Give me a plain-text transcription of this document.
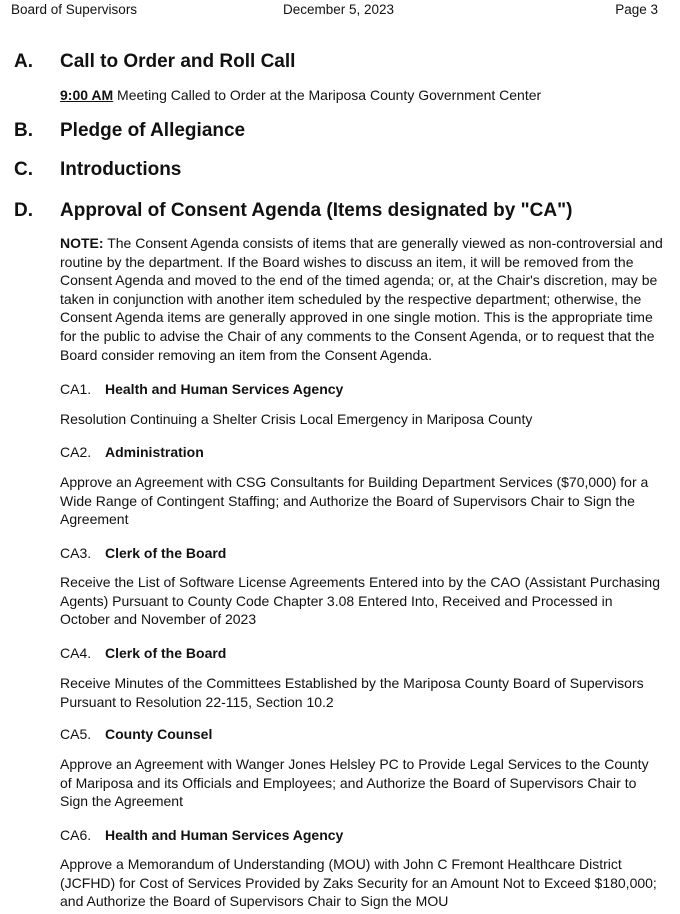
Board of Supervisors	December 5, 2023	Page 3
A. Call to Order and Roll Call
9:00 AM Meeting Called to Order at the Mariposa County Government Center
B. Pledge of Allegiance
C. Introductions
D. Approval of Consent Agenda (Items designated by "CA")
NOTE: The Consent Agenda consists of items that are generally viewed as non-controversial and routine by the department. If the Board wishes to discuss an item, it will be removed from the Consent Agenda and moved to the end of the timed agenda; or, at the Chair's discretion, may be taken in conjunction with another item scheduled by the respective department; otherwise, the Consent Agenda items are generally approved in one single motion. This is the appropriate time for the public to advise the Chair of any comments to the Consent Agenda, or to request that the Board consider removing an item from the Consent Agenda.
CA1. Health and Human Services Agency
Resolution Continuing a Shelter Crisis Local Emergency in Mariposa County
CA2. Administration
Approve an Agreement with CSG Consultants for Building Department Services ($70,000) for a Wide Range of Contingent Staffing; and Authorize the Board of Supervisors Chair to Sign the Agreement
CA3. Clerk of the Board
Receive the List of Software License Agreements Entered into by the CAO (Assistant Purchasing Agents) Pursuant to County Code Chapter 3.08 Entered Into, Received and Processed in October and November of 2023
CA4. Clerk of the Board
Receive Minutes of the Committees Established by the Mariposa County Board of Supervisors Pursuant to Resolution 22-115, Section 10.2
CA5. County Counsel
Approve an Agreement with Wanger Jones Helsley PC to Provide Legal Services to the County of Mariposa and its Officials and Employees; and Authorize the Board of Supervisors Chair to Sign the Agreement
CA6. Health and Human Services Agency
Approve a Memorandum of Understanding (MOU) with John C Fremont Healthcare District (JCFHD) for Cost of Services Provided by Zaks Security for an Amount Not to Exceed $180,000; and Authorize the Board of Supervisors Chair to Sign the MOU
